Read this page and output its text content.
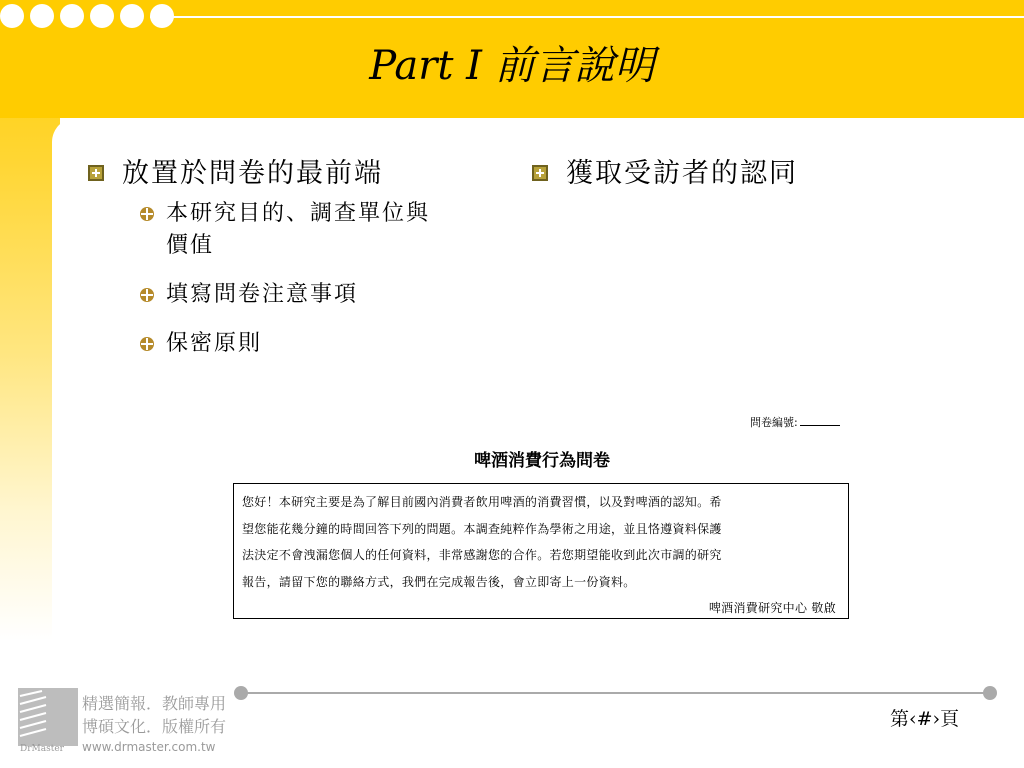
Part I 前言說明
放置於問卷的最前端
本研究目的、調查單位與
價值
填寫問卷注意事項
保密原則
獲取受訪者的認同
問卷編號:
啤酒消費行為問卷
您好！本研究主要是為了解目前國內消費者飲用啤酒的消費習慣，以及對啤酒的認知。希
望您能花幾分鐘的時間回答下列的問題。本調查純粹作為學術之用途，並且恪遵資料保護
法決定不會洩漏您個人的任何資料，非常感謝您的合作。若您期望能收到此次市調的研究
報告，請留下您的聯絡方式，我們在完成報告後，會立即寄上一份資料。
啤酒消費研究中心 敬啟
第‹#›頁
精選簡報．教師專用
博碩文化．版權所有
www.drmaster.com.tw
DrMaster
